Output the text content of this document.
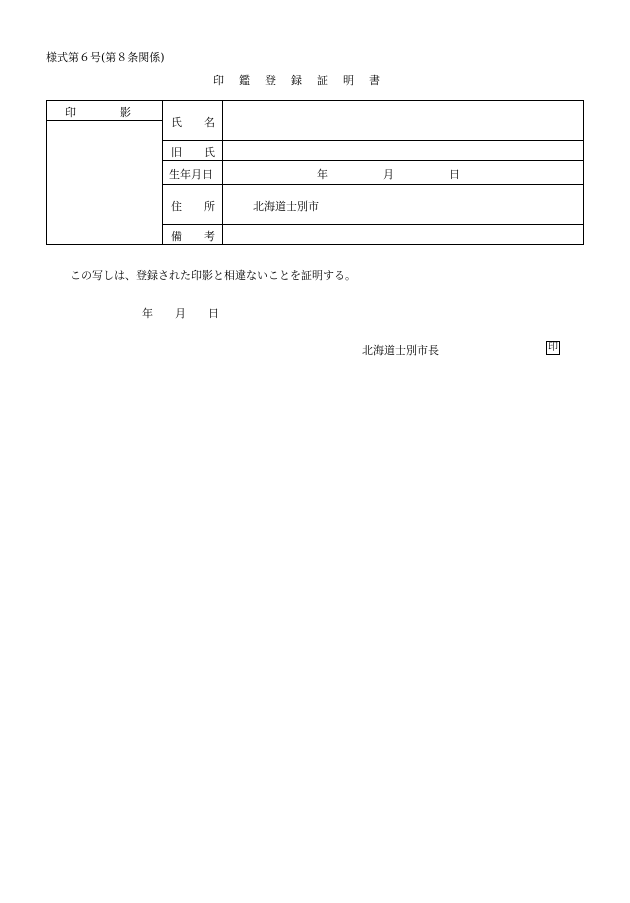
様式第６号(第８条関係)
印鑑登録証明書
印　　　　影
氏　　名
旧　　氏
生年月日	年　　　　　月　　　　　日
住　　所	北海道士別市
備　　考
この写しは、登録された印影と相違ないことを証明する。
年　　月　　日
北海道士別市長	印
